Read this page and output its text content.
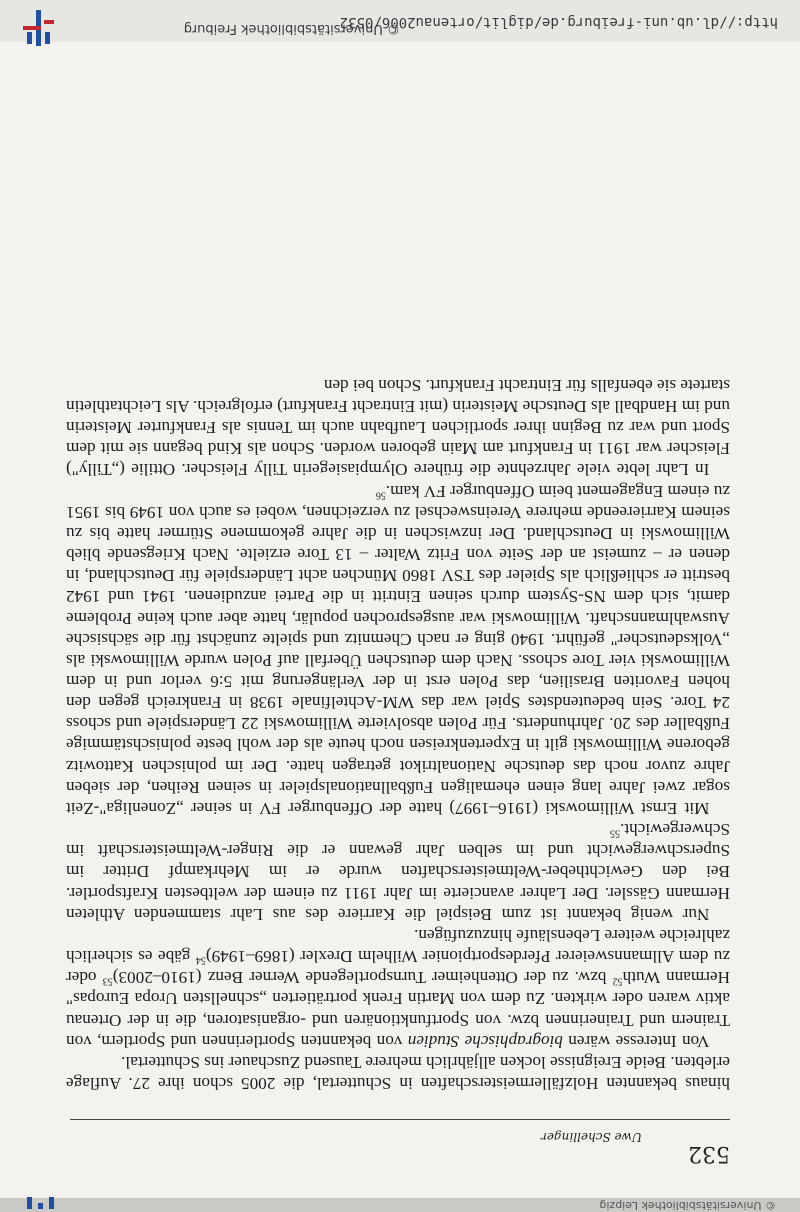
© Universitätsbibliothek Leipzig
532
Uwe Schellinger

hinaus bekannten Holzfällermeisterschaften in Schuttertal, die 2005 schon ihre 27. Auflage erlebten. Beide Ereignisse locken alljährlich mehrere Tausend Zuschauer ins Schuttertal.

Von Interesse wären biographische Studien von bekannten Sportlerinnen und Sportlern, von Trainern und Trainerinnen bzw. von Sportfunktionären und -organisatoren, die in der Ortenau aktiv waren oder wirkten. Zu dem von Martin Frenk porträtierten „schnellsten Uropa Europas" Hermann Wuth$^{52}$ bzw. zu der Ottenheimer Turnsportlegende Werner Benz (1910–2003)$^{53}$ oder zu dem Allmannsweierer Pferdesportpionier Wilhelm Drexler (1869–1949)$^{54}$ gäbe es sicherlich zahlreiche weitere Lebensläufe hinzuzufügen.

Nur wenig bekannt ist zum Beispiel die Karriere des aus Lahr stammenden Athleten Hermann Gässler. Der Lahrer avancierte im Jahr 1911 zu einem der weltbesten Kraftsportler. Bei den Gewichtheber-Weltmeisterschaften wurde er im Mehrkampf Dritter im Superschwergewicht und im selben Jahr gewann er die Ringer-Weltmeisterschaft im Schwergewicht.$^{55}$

Mit Ernst Willimowski (1916–1997) hatte der Offenburger FV in seiner „Zonenliga"-Zeit sogar zwei Jahre lang einen ehemaligen Fußballnationalspieler in seinen Reihen, der sieben Jahre zuvor noch das deutsche Nationaltrikot getragen hatte. Der im polnischen Kattowitz geborene Willimowski gilt in Expertenkreisen noch heute als der wohl beste polnischstämmige Fußballer des 20. Jahrhunderts. Für Polen absolvierte Willimowski 22 Länderspiele und schoss 24 Tore. Sein bedeutendstes Spiel war das WM-Achtelfinale 1938 in Frankreich gegen den hohen Favoriten Brasilien, das Polen erst in der Verlängerung mit 5:6 verlor und in dem Willimowski vier Tore schoss. Nach dem deutschen Überfall auf Polen wurde Willimowski als „Volksdeutscher" geführt. 1940 ging er nach Chemnitz und spielte zunächst für die sächsische Auswahlmannschaft. Willimowski war ausgesprochen populär, hatte aber auch keine Probleme damit, sich dem NS-System durch seinen Eintritt in die Partei anzudienen. 1941 und 1942 bestritt er schließlich als Spieler des TSV 1860 München acht Länderspiele für Deutschland, in denen er – zumeist an der Seite von Fritz Walter – 13 Tore erzielte. Nach Kriegsende blieb Willimowski in Deutschland. Der inzwischen in die Jahre gekommene Stürmer hatte bis zu seinem Karriereende mehrere Vereinswechsel zu verzeichnen, wobei es auch von 1949 bis 1951 zu einem Engagement beim Offenburger FV kam.$^{56}$

In Lahr lebte viele Jahrzehnte die frühere Olympiasiegerin Tilly Fleischer. Ottilie („Tilly") Fleischer war 1911 in Frankfurt am Main geboren worden. Schon als Kind begann sie mit dem Sport und war zu Beginn ihrer sportlichen Laufbahn auch im Tennis als Frankfurter Meisterin und im Handball als Deutsche Meisterin (mit Eintracht Frankfurt) erfolgreich. Als Leichtathletin startete sie ebenfalls für Eintracht Frankfurt. Schon bei den

http://dl.ub.uni-freiburg.de/diglit/ortenau2006/0532
© Universitätsbibliothek Freiburg
